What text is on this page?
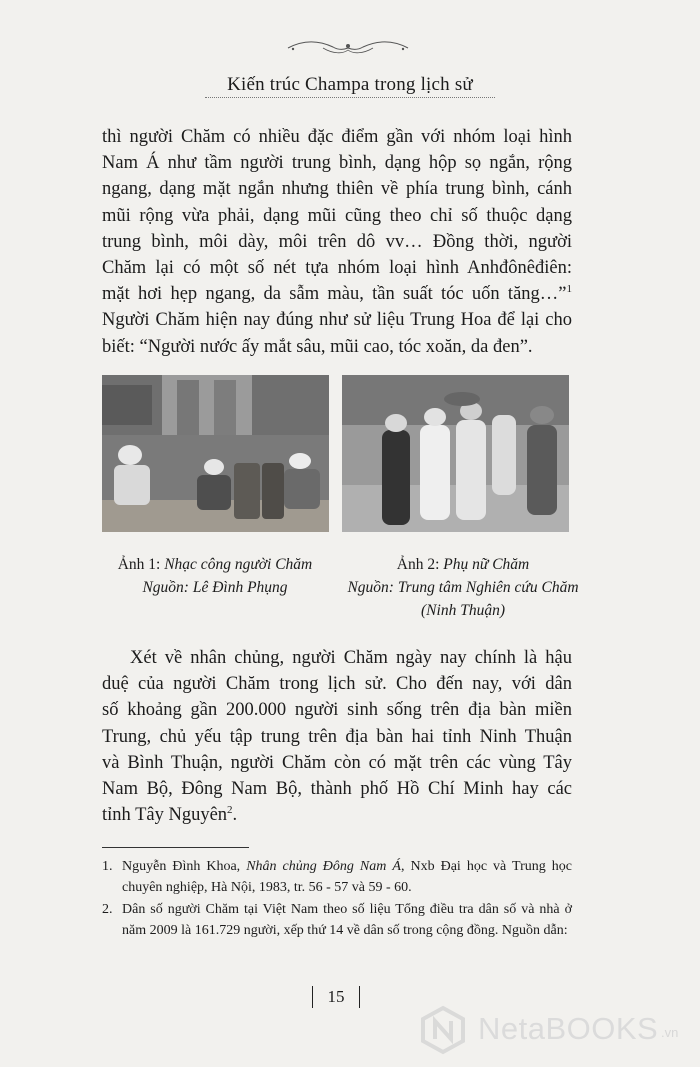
Kiến trúc Champa trong lịch sử
thì người Chăm có nhiều đặc điểm gần với nhóm loại hình
Nam Á như tầm người trung bình, dạng hộp sọ ngắn, rộng
ngang, dạng mặt ngắn nhưng thiên về phía trung bình, cánh
mũi rộng vừa phải, dạng mũi cũng theo chỉ số thuộc dạng
trung bình, môi dày, môi trên dô vv… Đồng thời, người
Chăm lại có một số nét tựa nhóm loại hình Anhđônêđiên:
mặt hơi hẹp ngang, da sẫm màu, tần suất tóc uốn tăng…”$^1$
Người Chăm hiện nay đúng như sử liệu Trung Hoa để lại cho
biết: “Người nước ấy mắt sâu, mũi cao, tóc xoăn, da đen”.
Ảnh 1: Nhạc công người Chăm
Nguồn: Lê Đình Phụng
Ảnh 2: Phụ nữ Chăm
Nguồn: Trung tâm Nghiên cứu Chăm
(Ninh Thuận)
Xét về nhân chủng, người Chăm ngày nay chính là hậu
duệ của người Chăm trong lịch sử. Cho đến nay, với dân
số khoảng gần 200.000 người sinh sống trên địa bàn miền
Trung, chủ yếu tập trung trên địa bàn hai tỉnh Ninh Thuận
và Bình Thuận, người Chăm còn có mặt trên các vùng Tây
Nam Bộ, Đông Nam Bộ, thành phố Hồ Chí Minh hay các
tỉnh Tây Nguyên$^2$.
1. Nguyễn Đình Khoa, Nhân chủng Đông Nam Á, Nxb Đại học và Trung học chuyên nghiệp, Hà Nội, 1983, tr. 56 - 57 và 59 - 60.
2. Dân số người Chăm tại Việt Nam theo số liệu Tổng điều tra dân số và nhà ở năm 2009 là 161.729 người, xếp thứ 14 về dân số trong cộng đồng. Nguồn dẫn:
15
NetaBOOKS .vn
